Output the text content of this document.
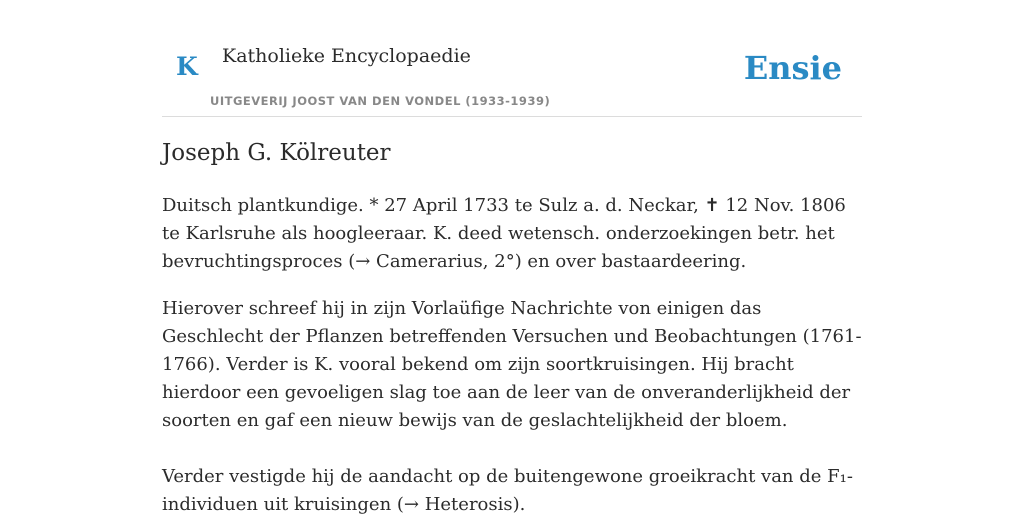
K Katholieke Encyclopaedie
UITGEVERIJ JOOST VAN DEN VONDEL (1933-1939)
Ensie
Joseph G. Kölreuter

Duitsch plantkundige. * 27 April 1733 te Sulz a. d. Neckar, ✝ 12 Nov. 1806 te Karlsruhe als hoogleeraar. K. deed wetensch. onderzoekingen betr. het bevruchtingsproces (→ Camerarius, 2°) en over bastaardeering.

Hierover schreef hij in zijn Vorlaüfige Nachrichte von einigen das Geschlecht der Pflanzen betreffenden Versuchen und Beobachtungen (1761-1766). Verder is K. vooral bekend om zijn soortkruisingen. Hij bracht hierdoor een gevoeligen slag toe aan de leer van de onveranderlijkheid der soorten en gaf een nieuw bewijs van de geslachtelijkheid der bloem.

Verder vestigde hij de aandacht op de buitengewone groeikracht van de F₁-individuen uit kruisingen (→ Heterosis).
